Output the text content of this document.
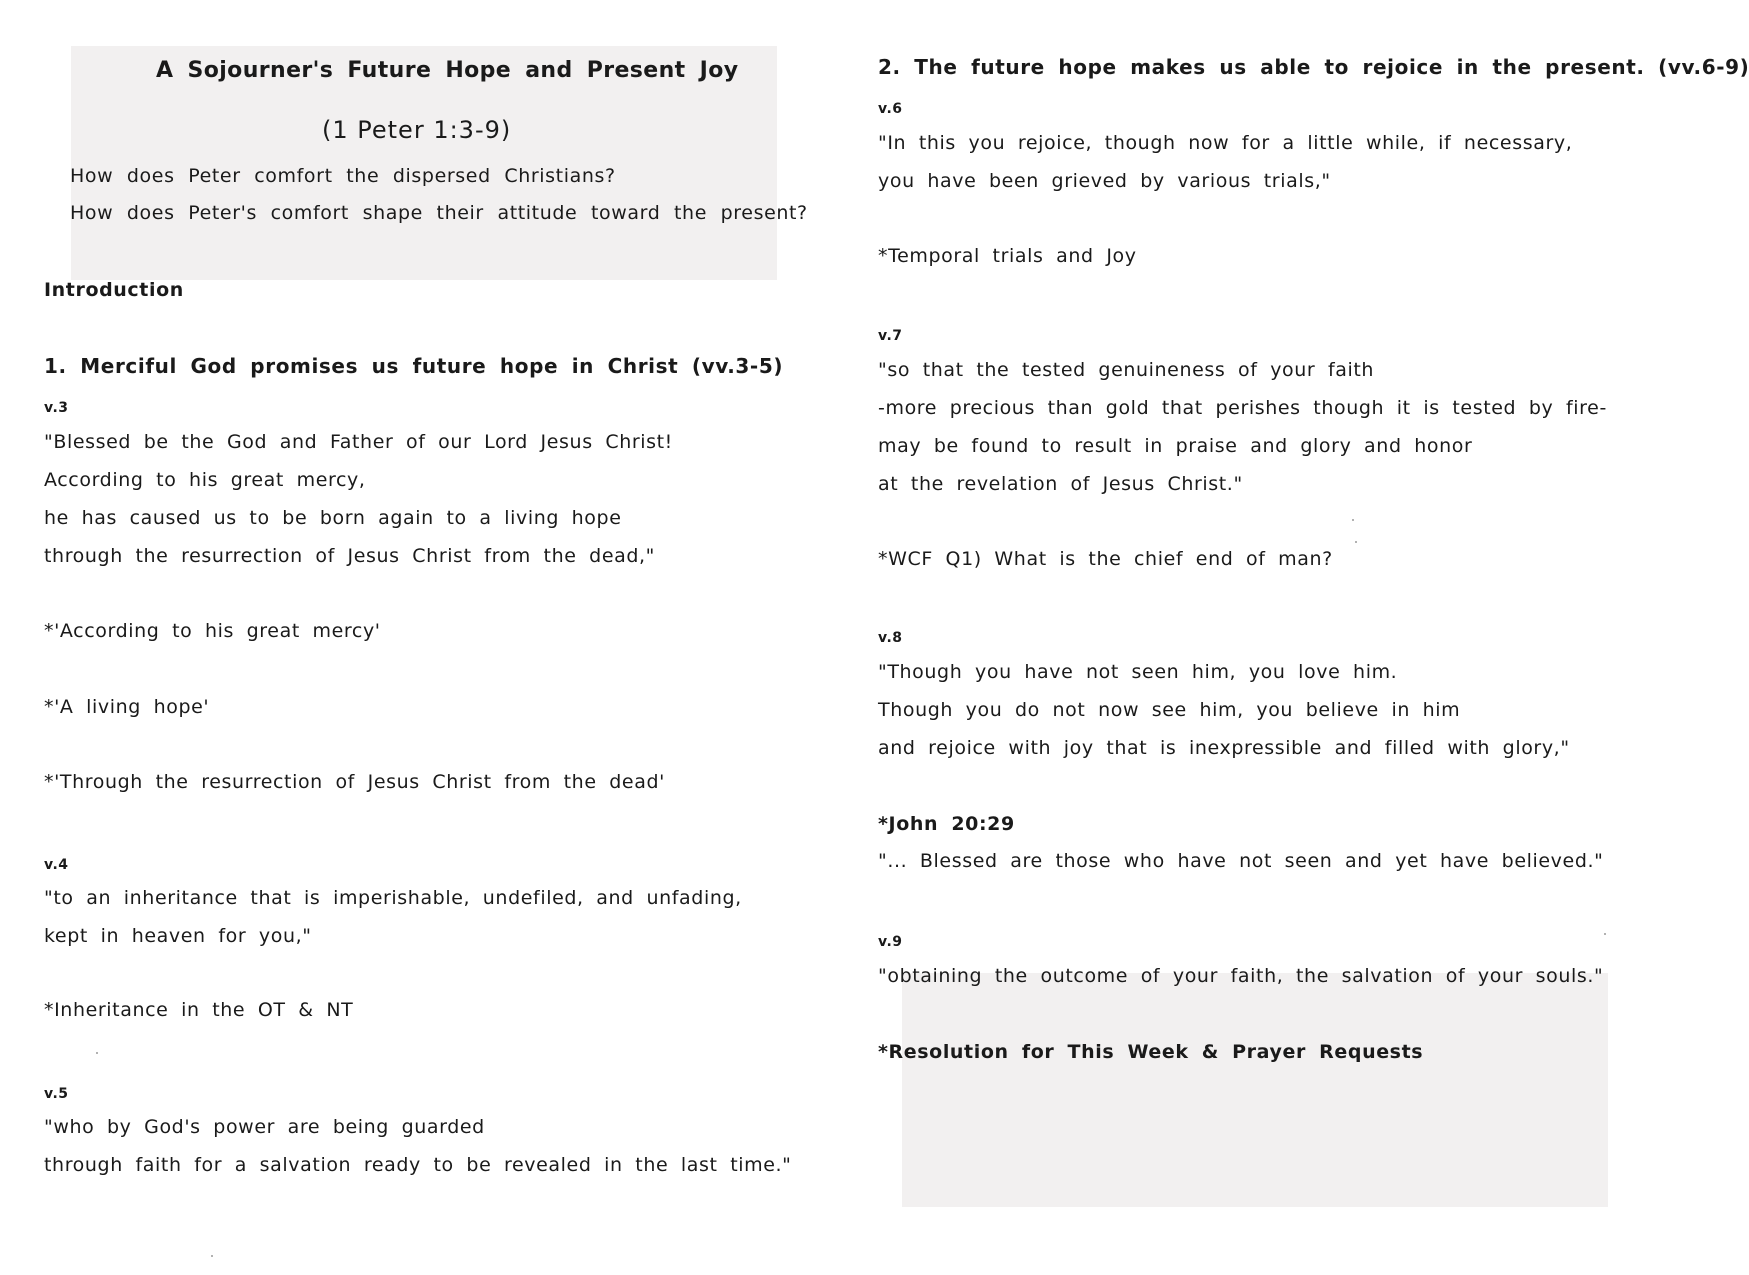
A Sojourner's Future Hope and Present Joy
(1 Peter 1:3-9)
How does Peter comfort the dispersed Christians?
How does Peter's comfort shape their attitude toward the present?
Introduction
1. Merciful God promises us future hope in Christ (vv.3-5)
v.3
"Blessed be the God and Father of our Lord Jesus Christ!
According to his great mercy,
he has caused us to be born again to a living hope
through the resurrection of Jesus Christ from the dead,"
*'According to his great mercy'
*'A living hope'
*'Through the resurrection of Jesus Christ from the dead'
v.4
"to an inheritance that is imperishable, undefiled, and unfading,
kept in heaven for you,"
*Inheritance in the OT & NT
v.5
"who by God's power are being guarded
through faith for a salvation ready to be revealed in the last time."
2. The future hope makes us able to rejoice in the present. (vv.6-9)
v.6
"In this you rejoice, though now for a little while, if necessary,
you have been grieved by various trials,"
*Temporal trials and Joy
v.7
"so that the tested genuineness of your faith
-more precious than gold that perishes though it is tested by fire-
may be found to result in praise and glory and honor
at the revelation of Jesus Christ."
*WCF Q1) What is the chief end of man?
v.8
"Though you have not seen him, you love him.
Though you do not now see him, you believe in him
and rejoice with joy that is inexpressible and filled with glory,"
*John 20:29
"... Blessed are those who have not seen and yet have believed."
v.9
"obtaining the outcome of your faith, the salvation of your souls."
*Resolution for This Week & Prayer Requests
